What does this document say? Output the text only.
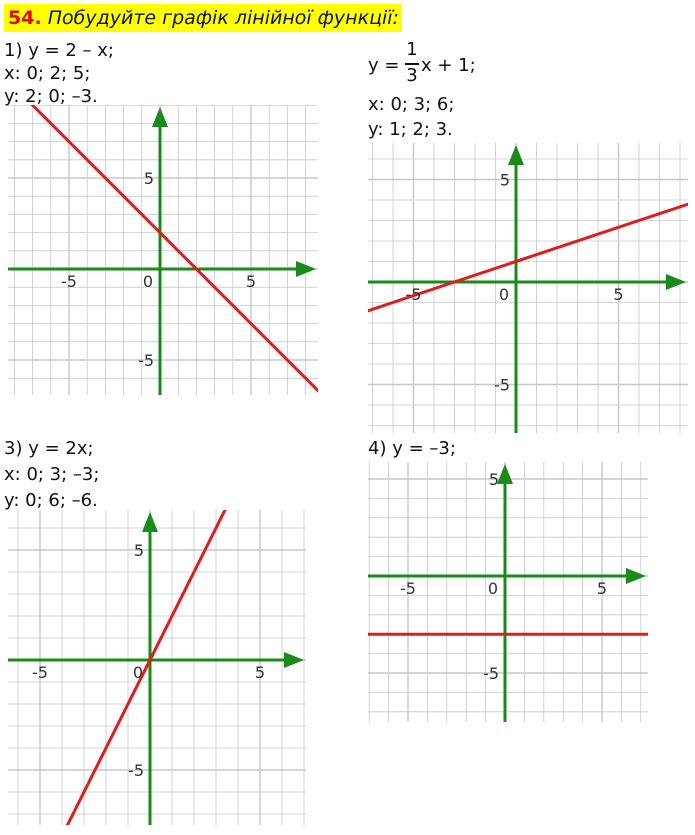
54. Побудуйте графік лінійної функції:
1) y = 2 – x;
x: 0; 2; 5;
y: 2; 0; –3.
y =
1
3 x + 1;
x: 0; 3; 6;
y: 1; 2; 3.
3) y = 2x;
x: 0; 3; –3;
y: 0; 6; –6.
4) y = –3;
-5	0	5
5
-5
-5	0	5
5
-5
-5	0	5
5
-5
-5	0	5
5
-5
